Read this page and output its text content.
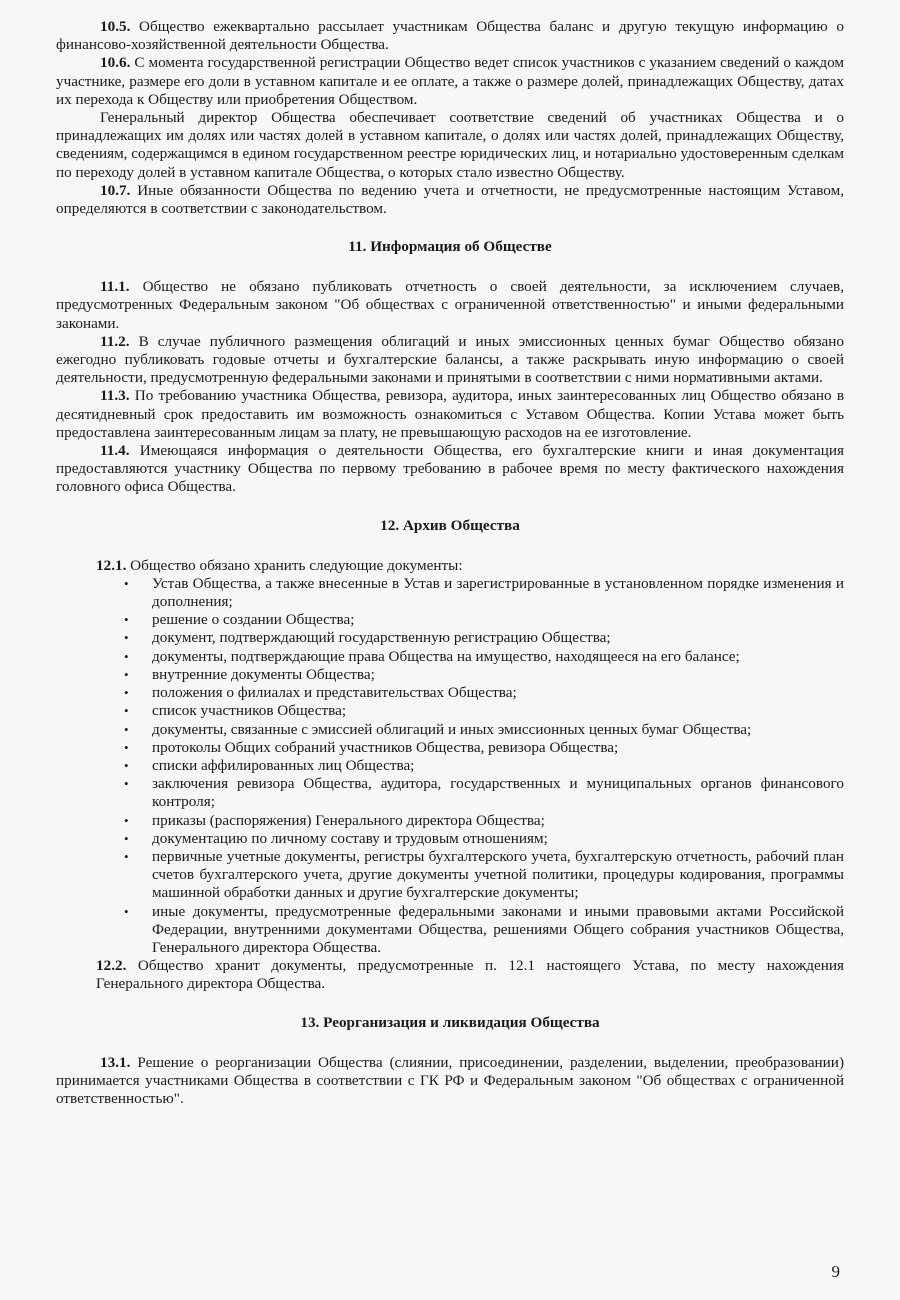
10.5. Общество ежеквартально рассылает участникам Общества баланс и другую текущую информацию о финансово-хозяйственной деятельности Общества.

10.6. С момента государственной регистрации Общество ведет список участников с указанием сведений о каждом участнике, размере его доли в уставном капитале и ее оплате, а также о размере долей, принадлежащих Обществу, датах их перехода к Обществу или приобретения Обществом.

Генеральный директор Общества обеспечивает соответствие сведений об участниках Общества и о принадлежащих им долях или частях долей в уставном капитале, о долях или частях долей, принадлежащих Обществу, сведениям, содержащимся в едином государственном реестре юридических лиц, и нотариально удостоверенным сделкам по переходу долей в уставном капитале Общества, о которых стало известно Обществу.

10.7. Иные обязанности Общества по ведению учета и отчетности, не предусмотренные настоящим Уставом, определяются в соответствии с законодательством.

11. Информация об Обществе

11.1. Общество не обязано публиковать отчетность о своей деятельности, за исключением случаев, предусмотренных Федеральным законом "Об обществах с ограниченной ответственностью" и иными федеральными законами.

11.2. В случае публичного размещения облигаций и иных эмиссионных ценных бумаг Общество обязано ежегодно публиковать годовые отчеты и бухгалтерские балансы, а также раскрывать иную информацию о своей деятельности, предусмотренную федеральными законами и принятыми в соответствии с ними нормативными актами.

11.3. По требованию участника Общества, ревизора, аудитора, иных заинтересованных лиц Общество обязано в десятидневный срок предоставить им возможность ознакомиться с Уставом Общества. Копии Устава может быть предоставлена заинтересованным лицам за плату, не превышающую расходов на ее изготовление.

11.4. Имеющаяся информация о деятельности Общества, его бухгалтерские книги и иная документация предоставляются участнику Общества по первому требованию в рабочее время по месту фактического нахождения головного офиса Общества.

12. Архив Общества

12.1. Общество обязано хранить следующие документы:

• Устав Общества, а также внесенные в Устав и зарегистрированные в установленном порядке изменения и дополнения;
• решение о создании Общества;
• документ, подтверждающий государственную регистрацию Общества;
• документы, подтверждающие права Общества на имущество, находящееся на его балансе;
• внутренние документы Общества;
• положения о филиалах и представительствах Общества;
• список участников Общества;
• документы, связанные с эмиссией облигаций и иных эмиссионных ценных бумаг Общества;
• протоколы Общих собраний участников Общества, ревизора Общества;
• списки аффилированных лиц Общества;
• заключения ревизора Общества, аудитора, государственных и муниципальных органов финансового контроля;
• приказы (распоряжения) Генерального директора Общества;
• документацию по личному составу и трудовым отношениям;
• первичные учетные документы, регистры бухгалтерского учета, бухгалтерскую отчетность, рабочий план счетов бухгалтерского учета, другие документы учетной политики, процедуры кодирования, программы машинной обработки данных и другие бухгалтерские документы;
• иные документы, предусмотренные федеральными законами и иными правовыми актами Российской Федерации, внутренними документами Общества, решениями Общего собрания участников Общества, Генерального директора Общества.

12.2. Общество хранит документы, предусмотренные п. 12.1 настоящего Устава, по месту нахождения Генерального директора Общества.

13. Реорганизация и ликвидация Общества

13.1. Решение о реорганизации Общества (слиянии, присоединении, разделении, выделении, преобразовании) принимается участниками Общества в соответствии с ГК РФ и Федеральным законом "Об обществах с ограниченной ответственностью".

9
